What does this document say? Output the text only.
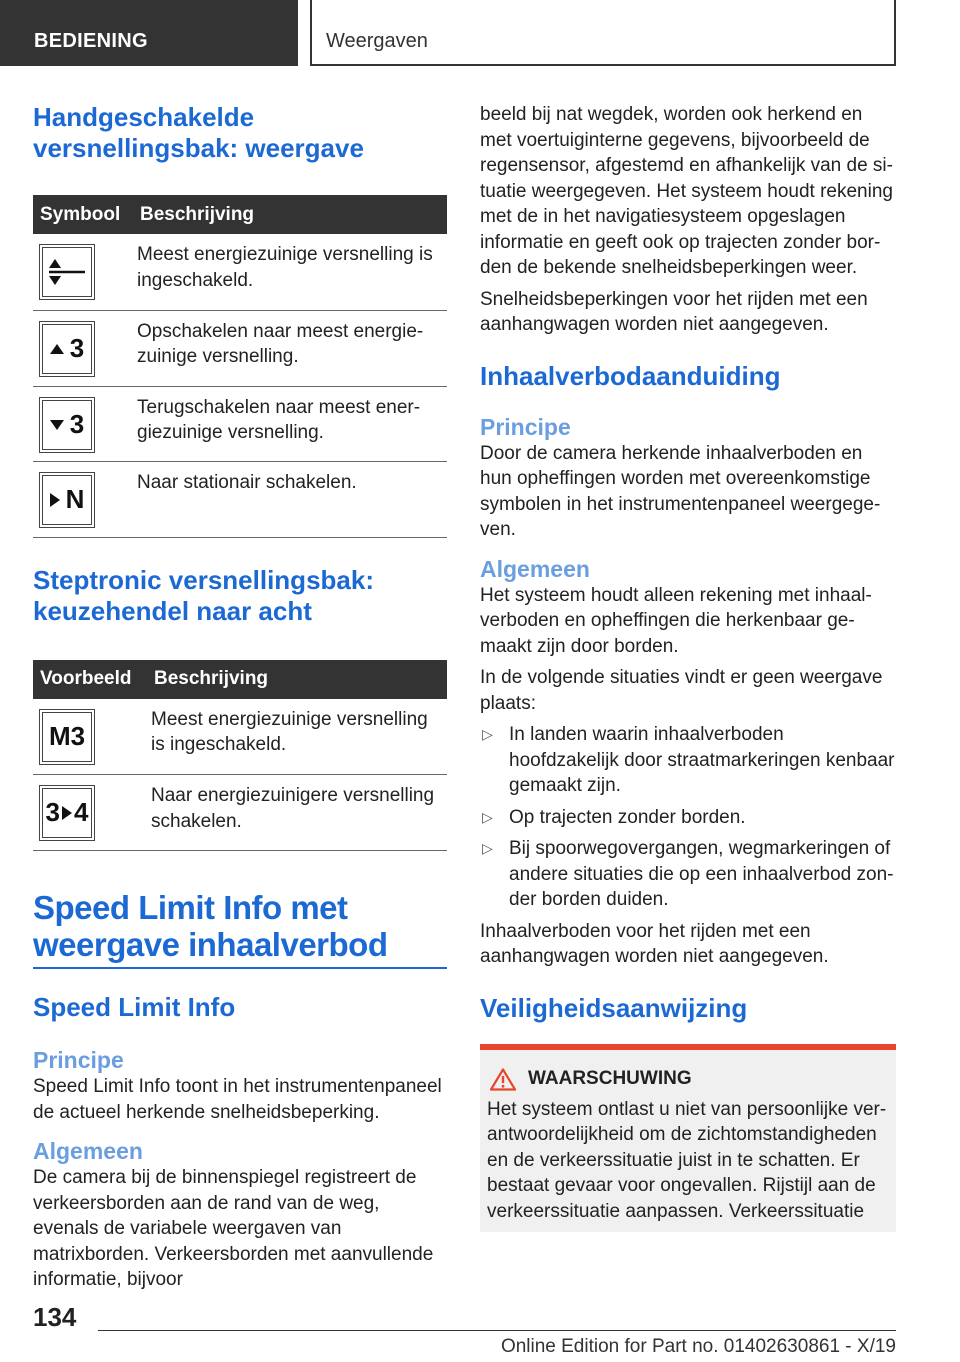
BEDIENING	Weergaven
Handgeschakelde versnellingsbak: weergave
Symbool	Beschrijving

	Meest energiezuinige versnelling is ingeschakeld.

3	Opschakelen naar meest energiezuinige versnelling.

3	Terugschakelen naar meest energiezuinige versnelling.

N	Naar stationair schakelen.
Steptronic versnellingsbak: keuzehendel naar acht
Voorbeeld	Beschrijving

M3	Meest energiezuinige versnelling is ingeschakeld.

3 4	Naar energiezuinigere versnelling schakelen.
Speed Limit Info met weergave inhaalverbod
Speed Limit Info
Principe

Speed Limit Info toont in het instrumentenpaneel de actueel herkende snelheidsbeperking.

Algemeen

De camera bij de binnenspiegel registreert de verkeersborden aan de rand van de weg, evenals de variabele weergaven van matrixborden. Verkeersborden met aanvullende informatie, bijvoor

beeld bij nat wegdek, worden ook herkend en met voertuiginterne gegevens, bijvoorbeeld de regensensor, afgestemd en afhankelijk van de situatie weergegeven. Het systeem houdt rekening met de in het navigatiesysteem opgeslagen informatie en geeft ook op trajecten zonder borden de bekende snelheidsbeperkingen weer.

Snelheidsbeperkingen voor het rijden met een aanhangwagen worden niet aangegeven.

Inhaalverbodaanduiding
Principe

Door de camera herkende inhaalverboden en hun opheffingen worden met overeenkomstige symbolen in het instrumentenpaneel weergegeven.

Algemeen

Het systeem houdt alleen rekening met inhaalverboden en opheffingen die herkenbaar gemaakt zijn door borden.

In de volgende situaties vindt er geen weergave plaats:

▷ In landen waarin inhaalverboden hoofdzakelijk door straatmarkeringen kenbaar gemaakt zijn.
▷ Op trajecten zonder borden.
▷ Bij spoorwegovergangen, wegmarkeringen of andere situaties die op een inhaalverbod zonder borden duiden.

Inhaalverboden voor het rijden met een aanhangwagen worden niet aangegeven.

Veiligheidsaanwijzing
WAARSCHUWING

Het systeem ontlast u niet van persoonlijke verantwoordelijkheid om de zichtomstandigheden en de verkeerssituatie juist in te schatten. Er bestaat gevaar voor ongevallen. Rijstijl aan de verkeerssituatie aanpassen. Verkeerssituatie

134
Online Edition for Part no. 01402630861 - X/19
